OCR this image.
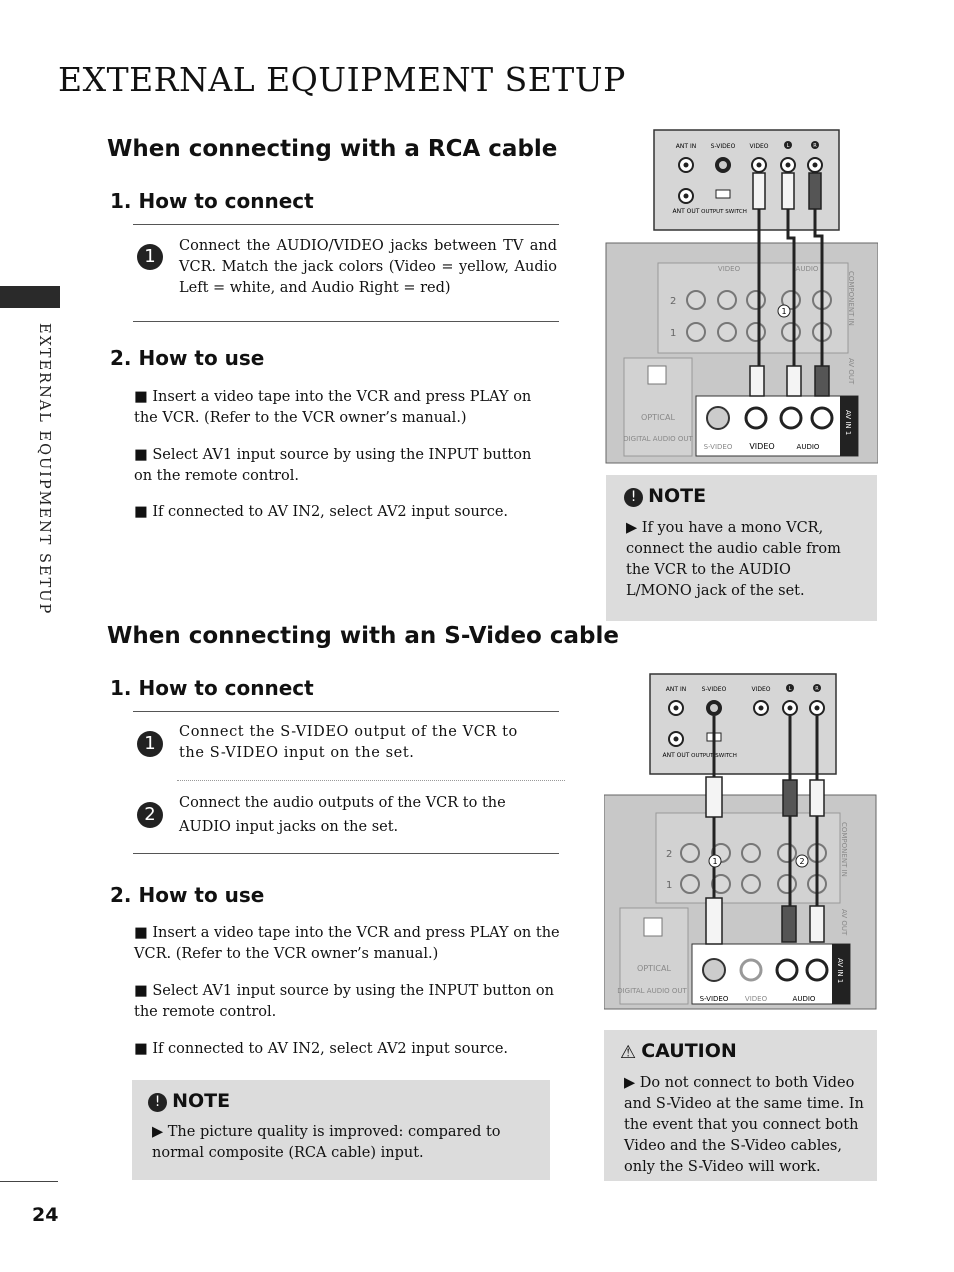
EXTERNAL EQUIPMENT SETUP
EXTERNAL EQUIPMENT SETUP
When connecting with a RCA cable
1. How to connect
1	Connect the AUDIO/VIDEO jacks between TV and VCR. Match the jack colors (Video = yellow, Audio Left = white, and Audio Right = red)
2. How to use
■ Insert a video tape into the VCR and press PLAY on the VCR. (Refer to the VCR owner’s manual.)
■ Select AV1 input source by using the INPUT button on the remote control.
■ If connected to AV IN2, select AV2 input source.
ANT IN S-VIDEO VIDEO	L	R
ANT OUT OUTPUT SWITCH
VIDEO	AUDIO
2
1
COMPONENT IN
AV OUT
OPTICAL
DIGITAL AUDIO OUT
AV IN 1
S-VIDEO VIDEO	AUDIO
1
! NOTE
▶ If you have a mono VCR, connect the audio cable from the VCR to the AUDIO L/MONO jack of the set.
When connecting with an S-Video cable
1. How to connect
1
Connect the S-VIDEO output of the VCR to the S-VIDEO input on the set.
2
Connect the audio outputs of the VCR to the AUDIO input jacks on the set.
2. How to use
■ Insert a video tape into the VCR and press PLAY on the VCR. (Refer to the VCR owner’s manual.)
■ Select AV1 input source by using the INPUT button on the remote control.
■ If connected to AV IN2, select AV2 input source.
! NOTE
▶ The picture quality is improved: compared to normal composite (RCA cable) input.
ANT IN	S-VIDEO	VIDEO	L	R
ANT OUT OUTPUT SWITCH
2
1
COMPONENT IN
AV OUT
OPTICAL
DIGITAL AUDIO OUT
AV IN 1
S-VIDEO VIDEO	AUDIO
1	2
⚠ CAUTION
▶ Do not connect to both Video and S-Video at the same time. In the event that you connect both Video and the S-Video cables, only the S-Video will work.
24
